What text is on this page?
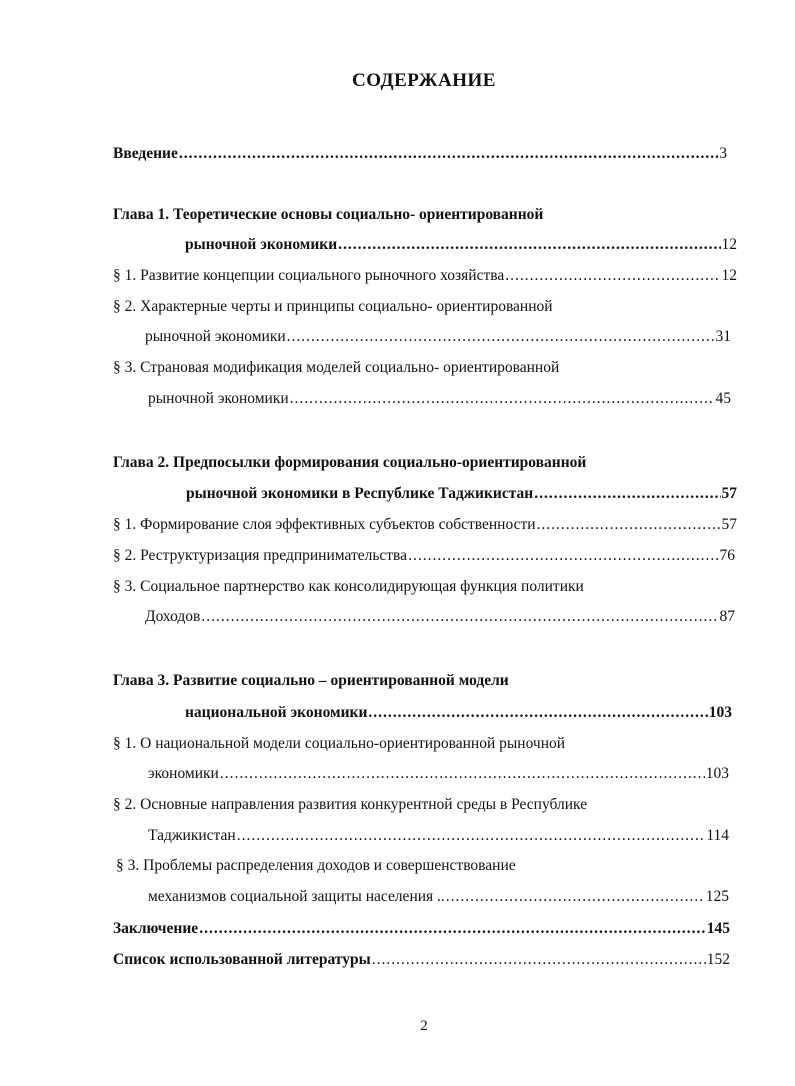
СОДЕРЖАНИЕ
Введение .....	3
Глава 1. Теоретические основы социально- ориентированной
рыночной экономики .....	12
§ 1. Развитие концепции социального рыночного хозяйства .....	12
§ 2. Характерные черты и принципы социально- ориентированной
рыночной экономики .....	31
§ 3. Страновая модификация моделей социально- ориентированной
рыночной экономики .....	45
Глава 2. Предпосылки формирования социально-ориентированной
рыночной экономики в Республике Таджикистан .....	57
§ 1. Формирование слоя эффективных субъектов собственности .....	57
§ 2. Реструктуризация предпринимательства .....	76
§ 3. Социальное партнерство как консолидирующая функция политики
Доходов .....	87
Глава 3. Развитие социально – ориентированной модели
национальной экономики .....	103
§ 1. О национальной модели социально-ориентированной рыночной
экономики .....	103
§ 2. Основные направления развития конкурентной среды в Республике
Таджикистан .....	114
§ 3. Проблемы распределения доходов и совершенствование
механизмов социальной защиты населения .. .....	125
Заключение .....	145
Список использованной литературы .....	152
2
